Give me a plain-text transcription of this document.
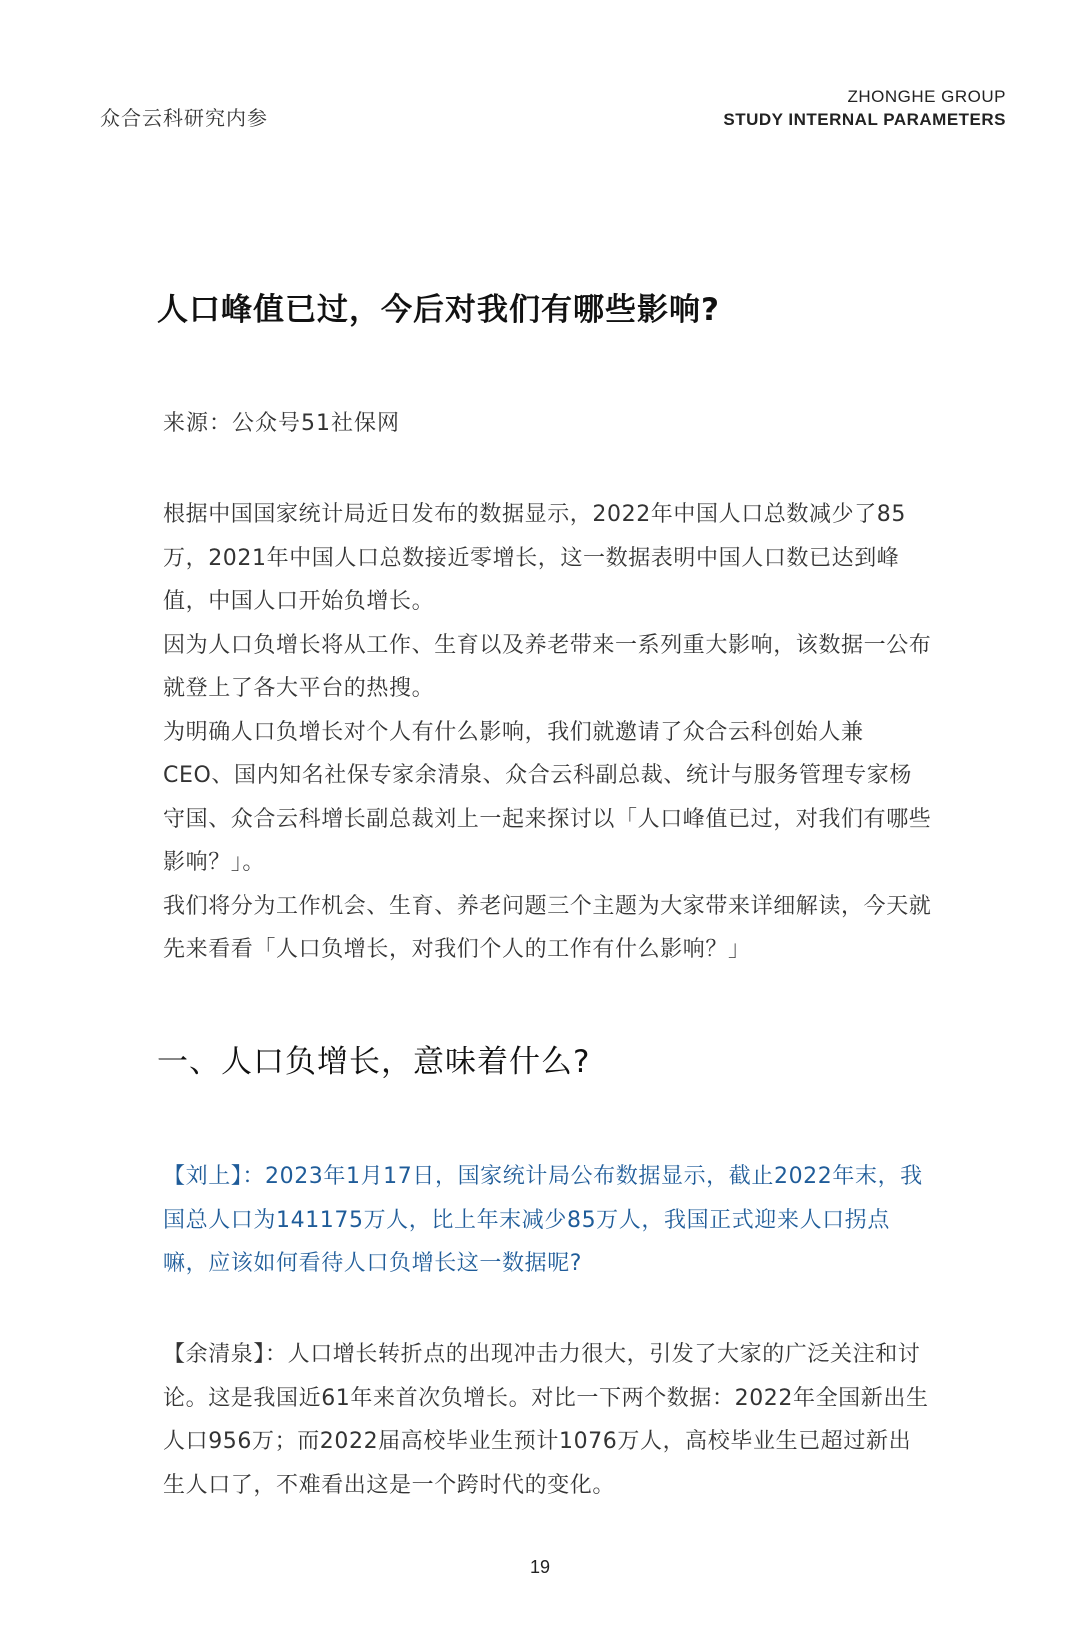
众合云科研究内参
ZHONGHE GROUP
STUDY INTERNAL PARAMETERS
人口峰值已过，今后对我们有哪些影响?
来源：公众号51社保网

根据中国国家统计局近日发布的数据显示，2022年中国人口总数减少了85万，2021年中国人口总数接近零增长，这一数据表明中国人口数已达到峰值，中国人口开始负增长。

因为人口负增长将从工作、生育以及养老带来一系列重大影响，该数据一公布就登上了各大平台的热搜。

为明确人口负增长对个人有什么影响，我们就邀请了众合云科创始人兼CEO、国内知名社保专家余清泉、众合云科副总裁、统计与服务管理专家杨守国、众合云科增长副总裁刘上一起来探讨以「人口峰值已过，对我们有哪些影响？」。

我们将分为工作机会、生育、养老问题三个主题为大家带来详细解读，今天就先来看看「人口负增长，对我们个人的工作有什么影响？」

一、人口负增长，意味着什么?

【刘上】：2023年1月17日，国家统计局公布数据显示，截止2022年末，我国总人口为141175万人，比上年末减少85万人，我国正式迎来人口拐点嘛，应该如何看待人口负增长这一数据呢?

【余清泉】：人口增长转折点的出现冲击力很大，引发了大家的广泛关注和讨论。这是我国近61年来首次负增长。对比一下两个数据：2022年全国新出生人口956万；而2022届高校毕业生预计1076万人，高校毕业生已超过新出生人口了，不难看出这是一个跨时代的变化。

19
